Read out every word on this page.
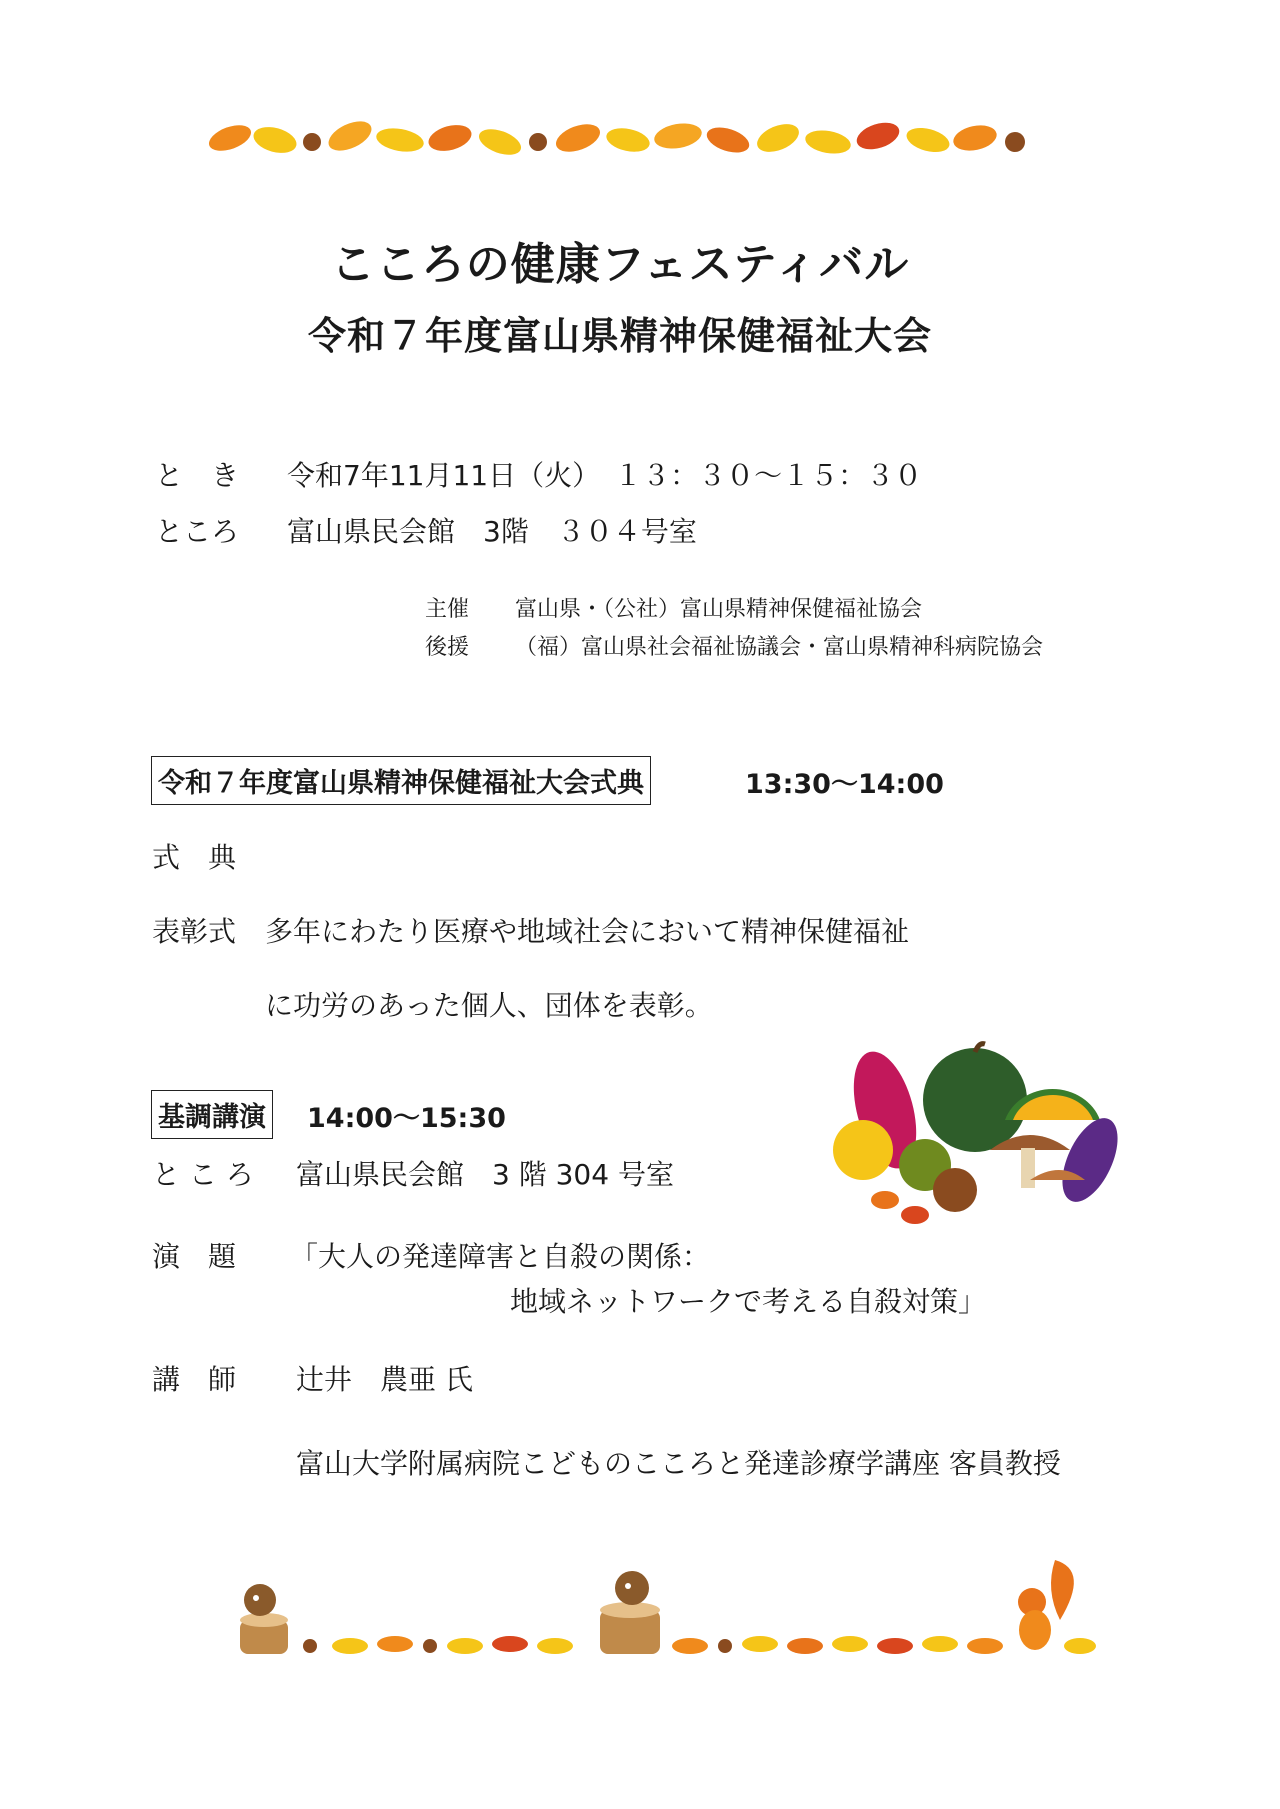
こころの健康フェスティバル
令和７年度富山県精神保健福祉大会
と　き 令和7年11月11日（火）　１３：３０～１５：３０
ところ 富山県民会館　3階　３０４号室
主催 富山県・（公社）富山県精神保健福祉協会
後援 （福）富山県社会福祉協議会・富山県精神科病院協会
令和７年度富山県精神保健福祉大会式典	13:30～14:00
式　典
表彰式 多年にわたり医療や地域社会において精神保健福祉
に功労のあった個人、団体を表彰。
基調講演 14:00～15:30
と こ ろ 富山県民会館　3 階 304 号室
演　題 「大人の発達障害と自殺の関係：
地域ネットワークで考える自殺対策」
講　師 辻井　農亜 氏
富山大学附属病院こどものこころと発達診療学講座 客員教授
